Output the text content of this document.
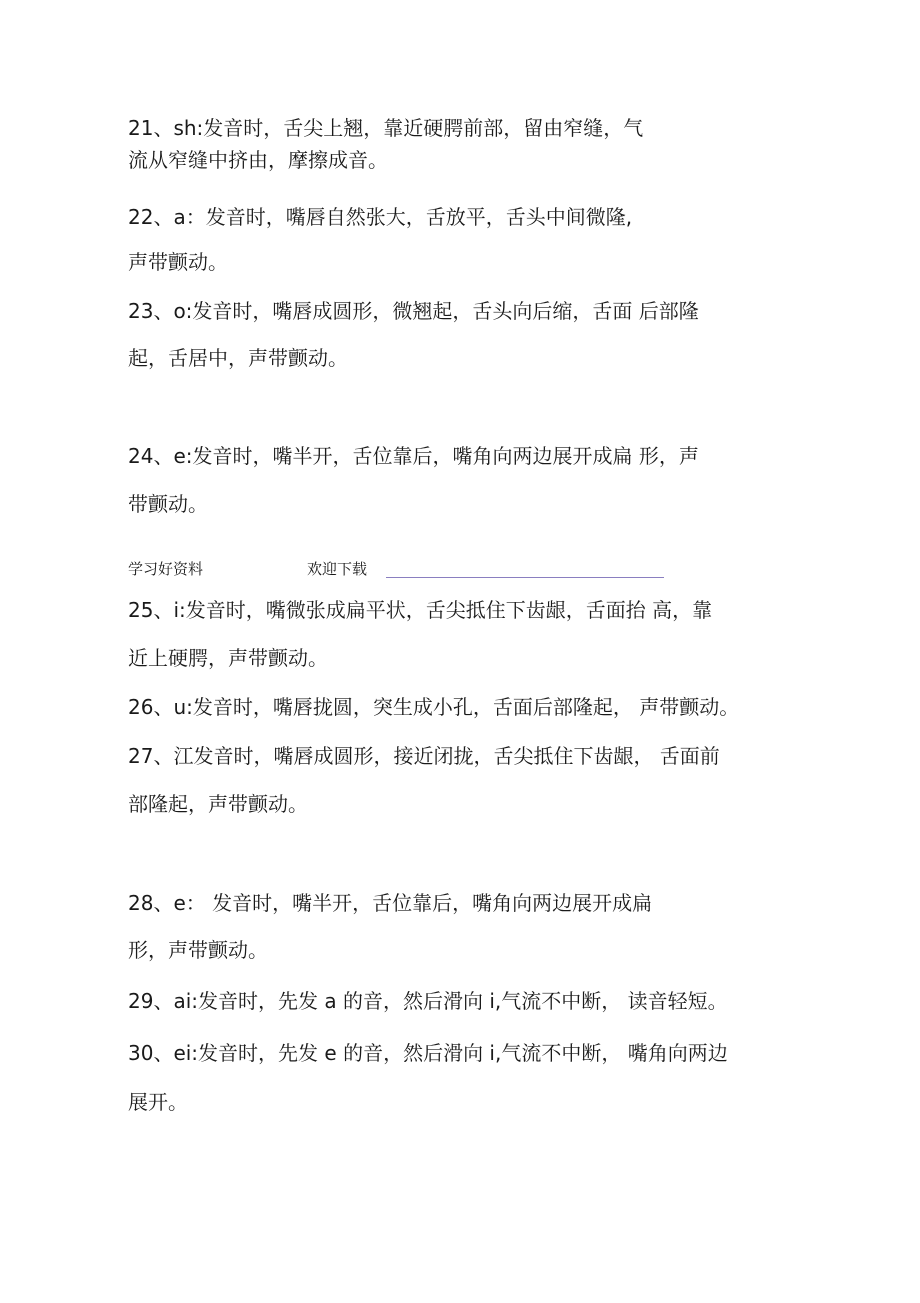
21、sh:发音时，舌尖上翘，靠近硬腭前部，留由窄缝，气
流从窄缝中挤由，摩擦成音。
22、a：发音时，嘴唇自然张大，舌放平，舌头中间微隆,
声带颤动。
23、o:发音时，嘴唇成圆形，微翘起，舌头向后缩，舌面 后部隆
起，舌居中，声带颤动。
24、e:发音时，嘴半开，舌位靠后，嘴角向两边展开成扁 形，声
带颤动。
学习好资料	欢迎下载
25、i:发音时，嘴微张成扁平状，舌尖抵住下齿龈，舌面抬 高，靠
近上硬腭，声带颤动。
26、u:发音时，嘴唇拢圆，突生成小孔，舌面后部隆起， 声带颤动。
27、江发音时，嘴唇成圆形，接近闭拢，舌尖抵住下齿龈， 舌面前
部隆起，声带颤动。
28、e： 发音时，嘴半开，舌位靠后，嘴角向两边展开成扁
形，声带颤动。
29、ai:发音时，先发 a 的音，然后滑向 i,气流不中断， 读音轻短。
30、ei:发音时，先发 e 的音，然后滑向 i,气流不中断， 嘴角向两边
展开。
